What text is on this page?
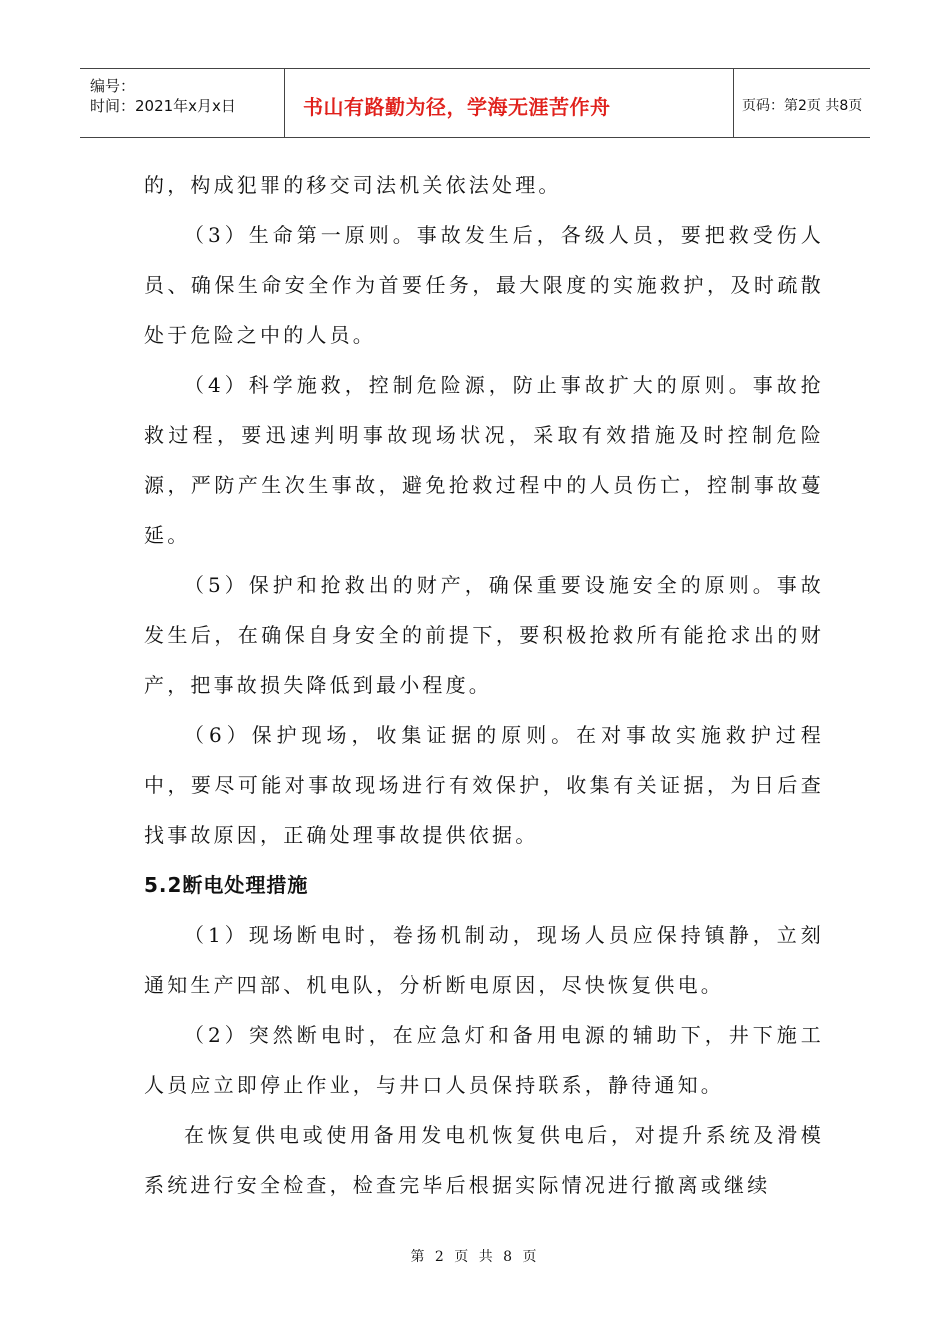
编号：
时间：2021年x月x日	书山有路勤为径，学海无涯苦作舟	页码：第2页 共8页

的，构成犯罪的移交司法机关依法处理。

（3）生命第一原则。事故发生后，各级人员，要把救受伤人员、确保生命安全作为首要任务，最大限度的实施救护，及时疏散处于危险之中的人员。

（4）科学施救，控制危险源，防止事故扩大的原则。事故抢救过程，要迅速判明事故现场状况，采取有效措施及时控制危险源，严防产生次生事故，避免抢救过程中的人员伤亡，控制事故蔓延。

（5）保护和抢救出的财产，确保重要设施安全的原则。事故发生后，在确保自身安全的前提下，要积极抢救所有能抢求出的财产，把事故损失降低到最小程度。

（6）保护现场，收集证据的原则。在对事故实施救护过程中，要尽可能对事故现场进行有效保护，收集有关证据，为日后查找事故原因，正确处理事故提供依据。

5.2断电处理措施

（1）现场断电时，卷扬机制动，现场人员应保持镇静，立刻通知生产四部、机电队，分析断电原因，尽快恢复供电。

（2）突然断电时，在应急灯和备用电源的辅助下，井下施工人员应立即停止作业，与井口人员保持联系，静待通知。

在恢复供电或使用备用发电机恢复供电后，对提升系统及滑模系统进行安全检查，检查完毕后根据实际情况进行撤离或继续

第 2 页 共 8 页
